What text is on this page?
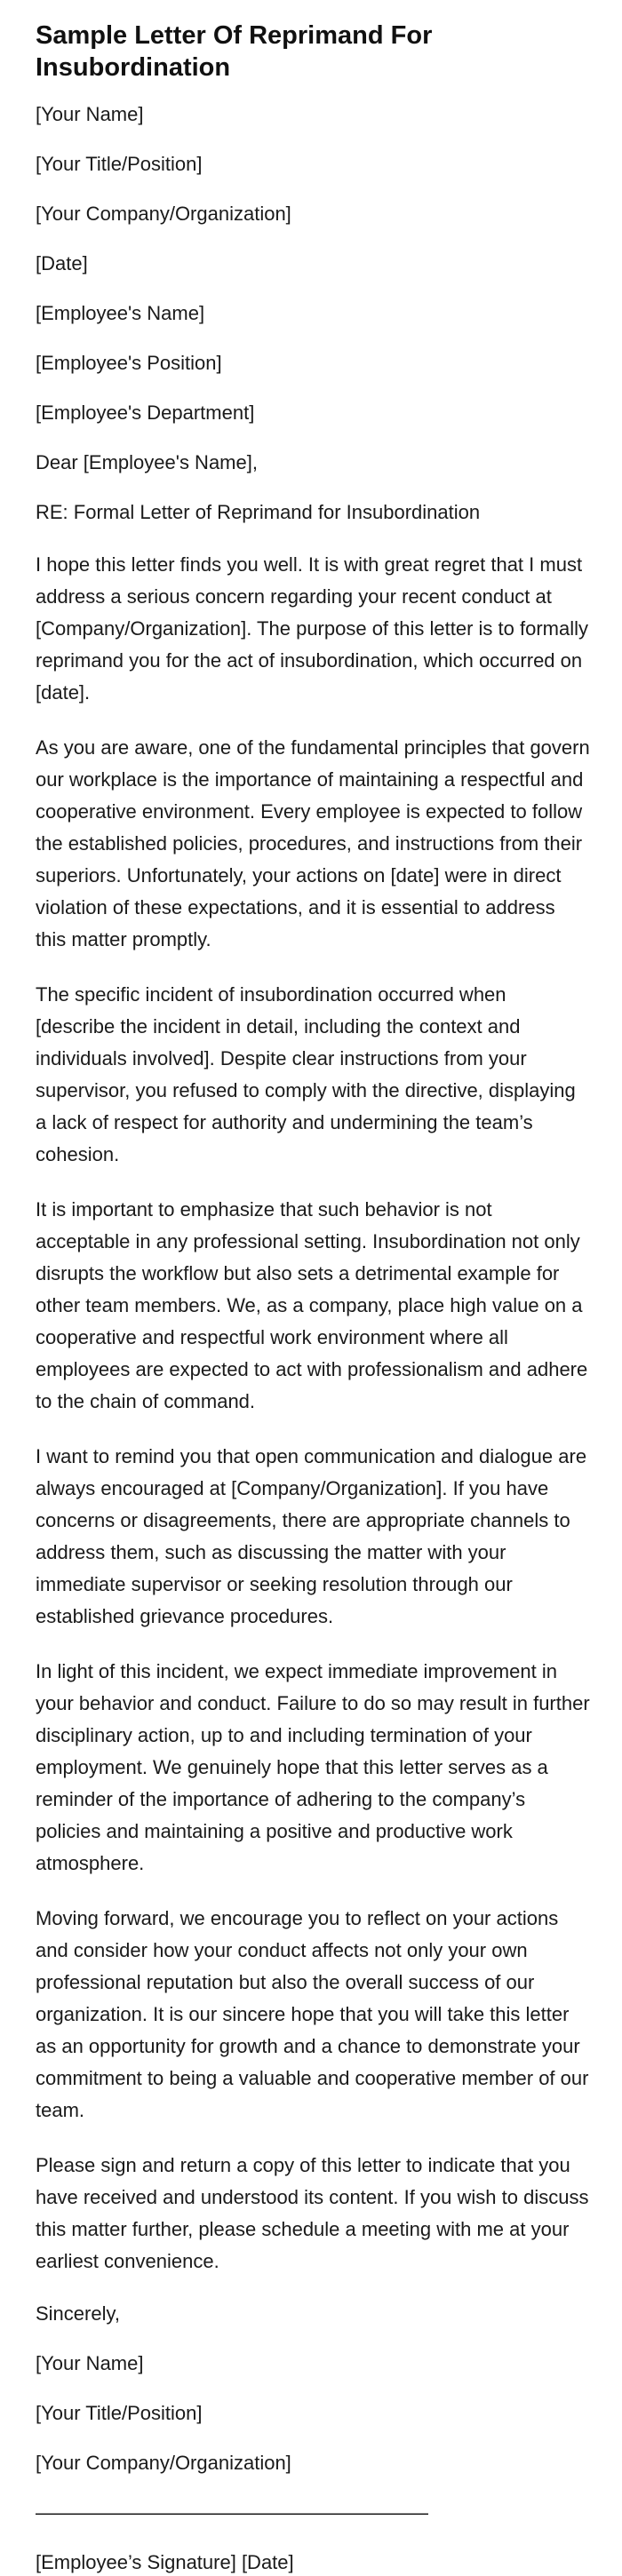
Sample Letter Of Reprimand For Insubordination
[Your Name]
[Your Title/Position]
[Your Company/Organization]
[Date]
[Employee's Name]
[Employee's Position]
[Employee's Department]
Dear [Employee's Name],
RE: Formal Letter of Reprimand for Insubordination

I hope this letter finds you well. It is with great regret that I must address a serious concern regarding your recent conduct at [Company/Organization]. The purpose of this letter is to formally reprimand you for the act of insubordination, which occurred on [date].

As you are aware, one of the fundamental principles that govern our workplace is the importance of maintaining a respectful and cooperative environment. Every employee is expected to follow the established policies, procedures, and instructions from their superiors. Unfortunately, your actions on [date] were in direct violation of these expectations, and it is essential to address this matter promptly.

The specific incident of insubordination occurred when [describe the incident in detail, including the context and individuals involved]. Despite clear instructions from your supervisor, you refused to comply with the directive, displaying a lack of respect for authority and undermining the team’s cohesion.

It is important to emphasize that such behavior is not acceptable in any professional setting. Insubordination not only disrupts the workflow but also sets a detrimental example for other team members. We, as a company, place high value on a cooperative and respectful work environment where all employees are expected to act with professionalism and adhere to the chain of command.

I want to remind you that open communication and dialogue are always encouraged at [Company/Organization]. If you have concerns or disagreements, there are appropriate channels to address them, such as discussing the matter with your immediate supervisor or seeking resolution through our established grievance procedures.

In light of this incident, we expect immediate improvement in your behavior and conduct. Failure to do so may result in further disciplinary action, up to and including termination of your employment. We genuinely hope that this letter serves as a reminder of the importance of adhering to the company’s policies and maintaining a positive and productive work atmosphere.

Moving forward, we encourage you to reflect on your actions and consider how your conduct affects not only your own professional reputation but also the overall success of our organization. It is our sincere hope that you will take this letter as an opportunity for growth and a chance to demonstrate your commitment to being a valuable and cooperative member of our team.

Please sign and return a copy of this letter to indicate that you have received and understood its content. If you wish to discuss this matter further, please schedule a meeting with me at your earliest convenience.

Sincerely,
[Your Name]
[Your Title/Position]
[Your Company/Organization]
——————————————————————
[Employee’s Signature] [Date]
